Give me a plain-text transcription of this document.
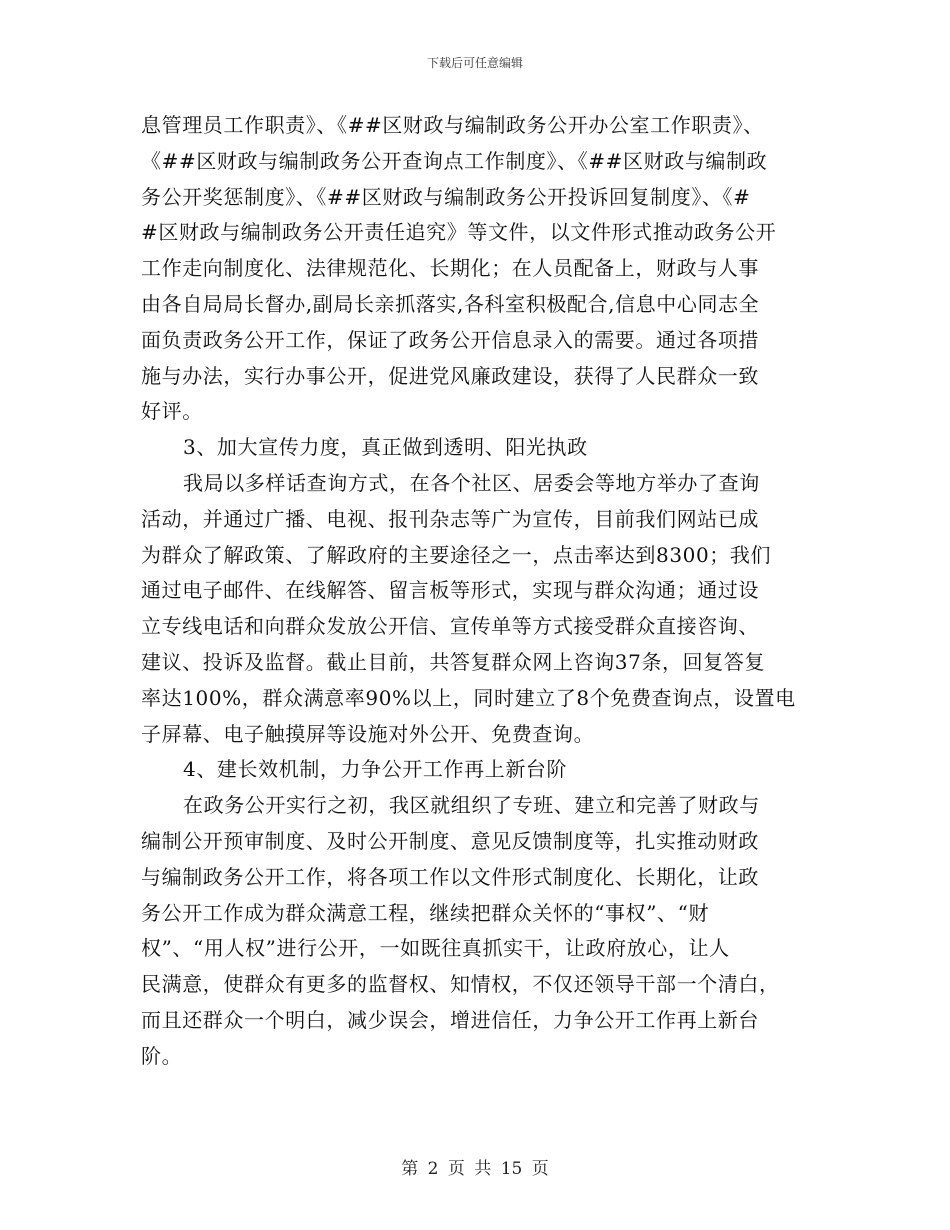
下载后可任意编辑
息管理员工作职责》、《##区财政与编制政务公开办公室工作职责》、
《##区财政与编制政务公开查询点工作制度》、《##区财政与编制政
务公开奖惩制度》、《##区财政与编制政务公开投诉回复制度》、《#
#区财政与编制政务公开责任追究》等文件，以文件形式推动政务公开
工作走向制度化、法律规范化、长期化；在人员配备上，财政与人事
由各自局局长督办,副局长亲抓落实,各科室积极配合,信息中心同志全
面负责政务公开工作，保证了政务公开信息录入的需要。通过各项措
施与办法，实行办事公开，促进党风廉政建设，获得了人民群众一致
好评。
3、加大宣传力度，真正做到透明、阳光执政
我局以多样话查询方式，在各个社区、居委会等地方举办了查询
活动，并通过广播、电视、报刊杂志等广为宣传，目前我们网站已成
为群众了解政策、了解政府的主要途径之一，点击率达到8300；我们
通过电子邮件、在线解答、留言板等形式，实现与群众沟通；通过设
立专线电话和向群众发放公开信、宣传单等方式接受群众直接咨询、
建议、投诉及监督。截止目前，共答复群众网上咨询37条，回复答复
率达100%，群众满意率90%以上，同时建立了8个免费查询点，设置电
子屏幕、电子触摸屏等设施对外公开、免费查询。
4、建长效机制，力争公开工作再上新台阶
在政务公开实行之初，我区就组织了专班、建立和完善了财政与
编制公开预审制度、及时公开制度、意见反馈制度等，扎实推动财政
与编制政务公开工作，将各项工作以文件形式制度化、长期化，让政
务公开工作成为群众满意工程，继续把群众关怀的“事权”、“财
权”、“用人权”进行公开，一如既往真抓实干，让政府放心，让人
民满意，使群众有更多的监督权、知情权，不仅还领导干部一个清白，
而且还群众一个明白，减少误会，增进信任，力争公开工作再上新台
阶。
第 2 页 共 15 页
